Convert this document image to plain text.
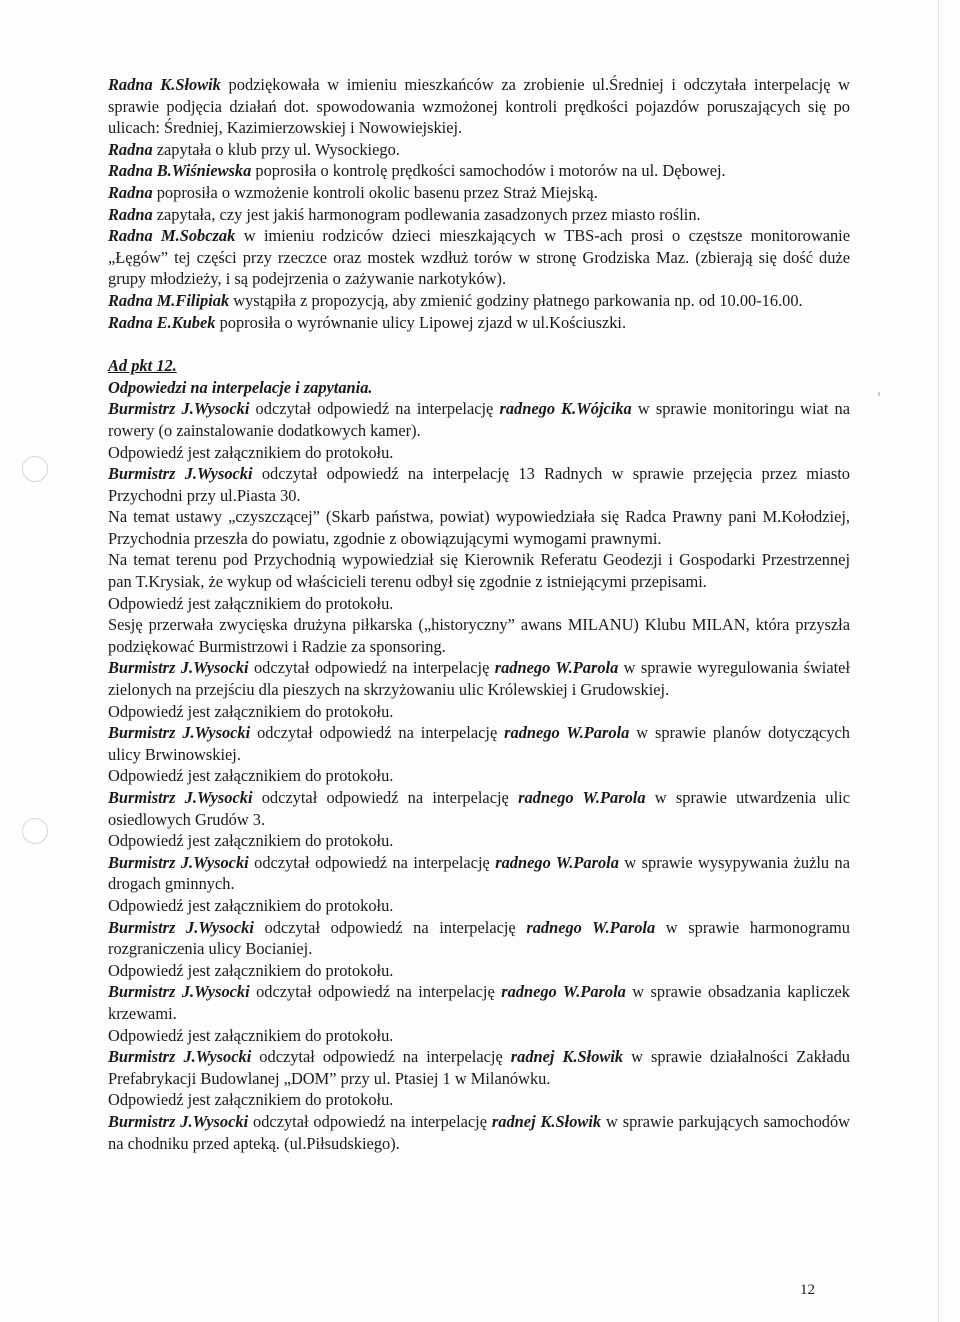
Radna K.Słowik podziękowała w imieniu mieszkańców za zrobienie ul.Średniej i odczytała interpelację w sprawie podjęcia działań dot. spowodowania wzmożonej kontroli prędkości pojazdów poruszających się po ulicach: Średniej, Kazimierzowskiej i Nowowiejskiej.

Radna zapytała o klub przy ul. Wysockiego.

Radna B.Wiśniewska poprosiła o kontrolę prędkości samochodów i motorów na ul. Dębowej.

Radna poprosiła o wzmożenie kontroli okolic basenu przez Straż Miejską.

Radna zapytała, czy jest jakiś harmonogram podlewania zasadzonych przez miasto roślin.

Radna M.Sobczak w imieniu rodziców dzieci mieszkających w TBS-ach prosi o częstsze monitorowanie „Łęgów” tej części przy rzeczce oraz mostek wzdłuż torów w stronę Grodziska Maz. (zbierają się dość duże grupy młodzieży, i są podejrzenia o zażywanie narkotyków).

Radna M.Filipiak wystąpiła z propozycją, aby zmienić godziny płatnego parkowania np. od 10.00-16.00.

Radna E.Kubek poprosiła o wyrównanie ulicy Lipowej zjazd w ul.Kościuszki.

Ad pkt 12.

Odpowiedzi na interpelacje i zapytania.

Burmistrz J.Wysocki odczytał odpowiedź na interpelację radnego K.Wójcika w sprawie monitoringu wiat na rowery (o zainstalowanie dodatkowych kamer).

Odpowiedź jest załącznikiem do protokołu.

Burmistrz J.Wysocki odczytał odpowiedź na interpelację 13 Radnych w sprawie przejęcia przez miasto Przychodni przy ul.Piasta 30.

Na temat ustawy „czyszczącej” (Skarb państwa, powiat) wypowiedziała się Radca Prawny pani M.Kołodziej, Przychodnia przeszła do powiatu, zgodnie z obowiązującymi wymogami prawnymi.

Na temat terenu pod Przychodnią wypowiedział się Kierownik Referatu Geodezji i Gospodarki Przestrzennej pan T.Krysiak, że wykup od właścicieli terenu odbył się zgodnie z istniejącymi przepisami.

Odpowiedź jest załącznikiem do protokołu.

Sesję przerwała zwycięska drużyna piłkarska („historyczny” awans MILANU) Klubu MILAN, która przyszła podziękować Burmistrzowi i Radzie za sponsoring.

Burmistrz J.Wysocki odczytał odpowiedź na interpelację radnego W.Parola w sprawie wyregulowania świateł zielonych na przejściu dla pieszych na skrzyżowaniu ulic Królewskiej i Grudowskiej.

Odpowiedź jest załącznikiem do protokołu.

Burmistrz J.Wysocki odczytał odpowiedź na interpelację radnego W.Parola w sprawie planów dotyczących ulicy Brwinowskiej.

Odpowiedź jest załącznikiem do protokołu.

Burmistrz J.Wysocki odczytał odpowiedź na interpelację radnego W.Parola w sprawie utwardzenia ulic osiedlowych Grudów 3.

Odpowiedź jest załącznikiem do protokołu.

Burmistrz J.Wysocki odczytał odpowiedź na interpelację radnego W.Parola w sprawie wysypywania żużlu na drogach gminnych.

Odpowiedź jest załącznikiem do protokołu.

Burmistrz J.Wysocki odczytał odpowiedź na interpelację radnego W.Parola w sprawie harmonogramu rozgraniczenia ulicy Bocianiej.

Odpowiedź jest załącznikiem do protokołu.

Burmistrz J.Wysocki odczytał odpowiedź na interpelację radnego W.Parola w sprawie obsadzania kapliczek krzewami.

Odpowiedź jest załącznikiem do protokołu.

Burmistrz J.Wysocki odczytał odpowiedź na interpelację radnej K.Słowik w sprawie działalności Zakładu Prefabrykacji Budowlanej „DOM” przy ul. Ptasiej 1 w Milanówku.

Odpowiedź jest załącznikiem do protokołu.

Burmistrz J.Wysocki odczytał odpowiedź na interpelację radnej K.Słowik w sprawie parkujących samochodów na chodniku przed apteką. (ul.Piłsudskiego).

12
